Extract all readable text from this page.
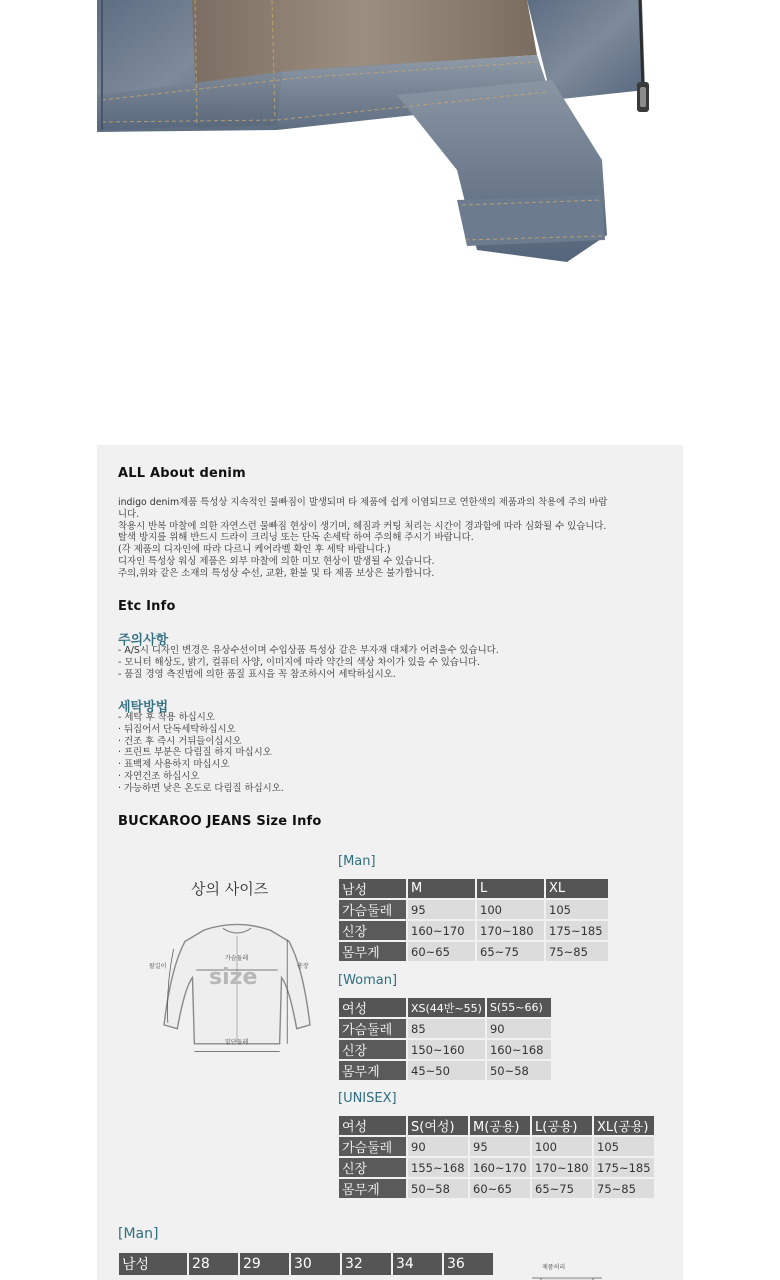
ALL About denim
indigo denim제품 특성상 지속적인 물빠짐이 발생되며 타 제품에 쉽게 이염되므로 연한색의 제품과의 착용에 주의 바랍
니다.
착용시 반복 마찰에 의한 자연스런 물빠짐 현상이 생기며, 헤짐과 커팅 처리는 시간이 경과함에 따라 심화될 수 있습니다.
탈색 방지를 위해 반드시 드라이 크리닝 또는 단독 손세탁 하여 주의해 주시기 바랍니다.
(각 제품의 디자인에 따라 다르니 케어라벨 확인 후 세탁 바랍니다.)
디자인 특성상 워싱 제품은 외부 마찰에 의한 미모 현상이 발생될 수 있습니다.
주의,위와 같은 소재의 특성상 수선, 교환, 환불 및 타 제품 보상은 불가합니다.
Etc Info
주의사항
- A/S시 디자인 변경은 유상수선이며 수입상품 특성상 같은 부자재 대체가 어려울수 있습니다.
- 모니터 해상도, 밝기, 컬퓨터 사양, 이미지에 따라 약간의 색상 차이가 있을 수 있습니다.
- 품질 경영 측진법에 의한 품질 표시을 꼭 참조하시어 세탁하십시오.
세탁방법
- 세탁 후 착용 하십시오
· 뒤집어서 단독세탁하십시오
· 건조 후 즉시 거뒤들이십시오
· 프린트 부분은 다림질 하지 마십시오
· 표백제 사용하지 마십시오
· 자연건조 하십시오
· 가능하면 낮은 온도로 다림질 하십시오.
BUCKAROO JEANS Size Info
상의 사이즈
가슴둘레
팔길이	총장
밑단둘레
size
[Man]
남성	M	L	XL
가슴둘레	95	100	105
신장	160~170	170~180	175~185
몸무게	60~65	65~75	75~85
[Woman]
여성	XS(44반~55)	S(55~66)
가슴둘레	85	90
신장	150~160	160~168
몸무게	45~50	50~58
[UNISEX]
여성	S(여성)	M(공용)	L(공용)	XL(공용)
가슴둘레	90	95	100	105
신장	155~168	160~170	170~180	175~185
몸무게	50~58	60~65	65~75	75~85
[Man]
남성	28	29	30	32	34	36	제품허리
